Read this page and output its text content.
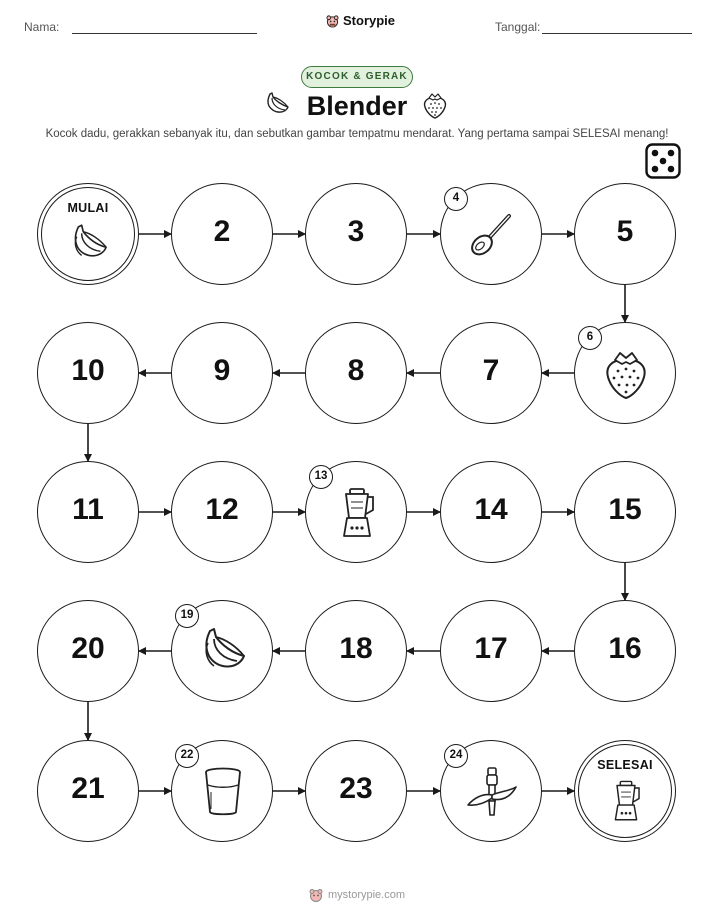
Nama:	Storypie	Tanggal:
KOCOK & GERAK
Blender
Kocok dadu, gerakkan sebanyak itu, dan sebutkan gambar tempatmu mendarat. Yang pertama sampai SELESAI menang!
MULAI
2	3
4
5
6
7
8
9
10
11	12
13
14	15
16
17
18
19
20
21
22
23
24
SELESAI
mystorypie.com
